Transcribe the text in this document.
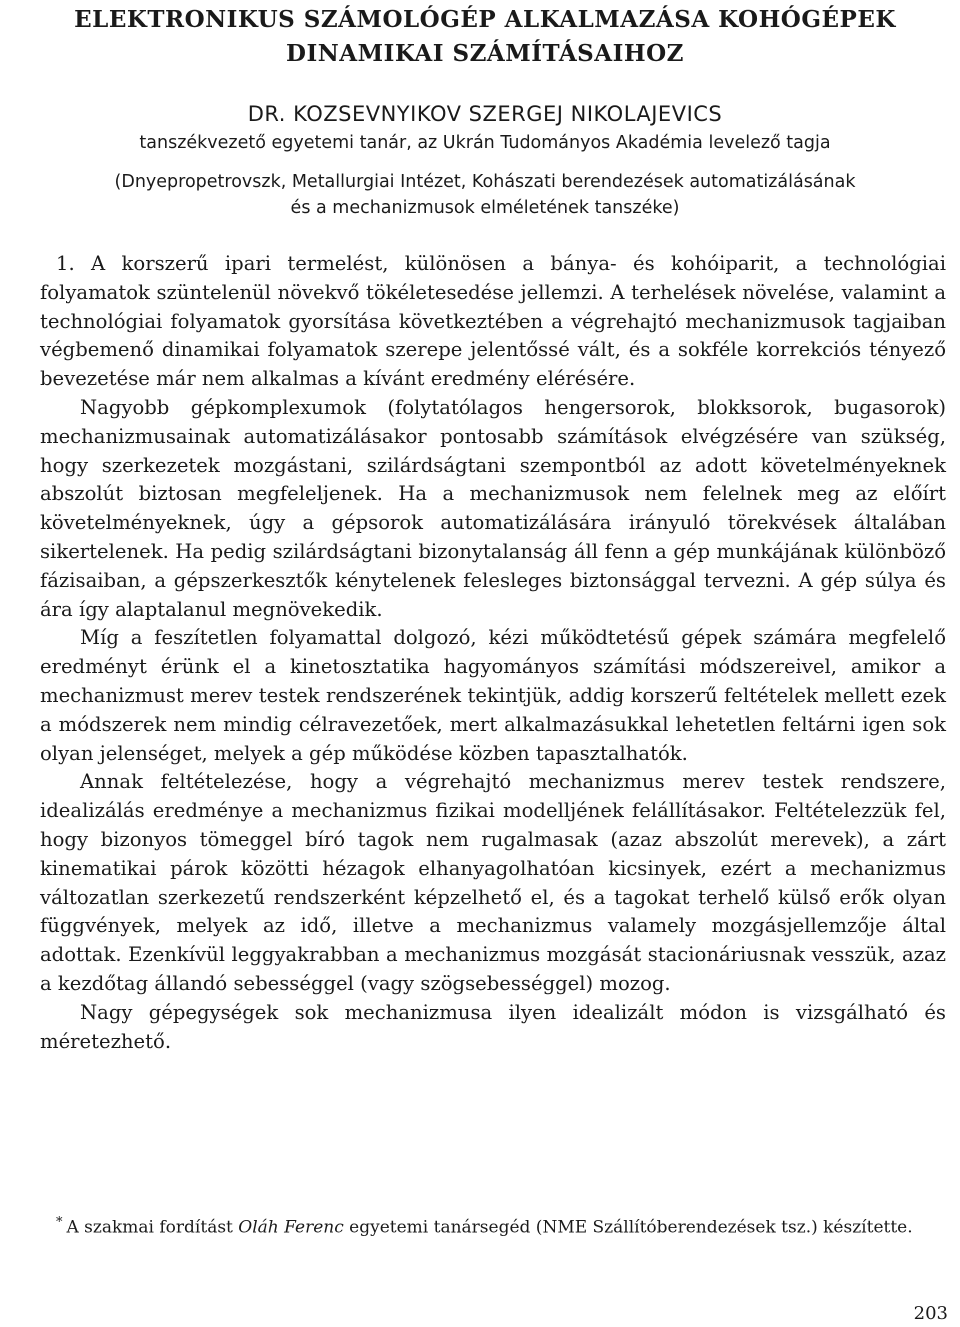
ELEKTRONIKUS SZÁMOLÓGÉP ALKALMAZÁSA KOHÓGÉPEK
DINAMIKAI SZÁMÍTÁSAIHOZ
DR. KOZSEVNYIKOV SZERGEJ NIKOLAJEVICS
tanszékvezető egyetemi tanár, az Ukrán Tudományos Akadémia levelező tagja
(Dnyepropetrovszk, Metallurgiai Intézet, Kohászati berendezések automatizálásának
és a mechanizmusok elméletének tanszéke)

1. A korszerű ipari termelést, különösen a bánya- és kohóiparit, a technológiai folyamatok szüntelenül növekvő tökéletesedése jellemzi. A terhelések növelése, valamint a technológiai folyamatok gyorsítása következtében a végrehajtó mechanizmusok tagjaiban végbemenő dinamikai folyamatok szerepe jelentőssé vált, és a sokféle korrekciós tényező bevezetése már nem alkalmas a kívánt eredmény elérésére.

Nagyobb gépkomplexumok (folytatólagos hengersorok, blokksorok, bugasorok) mechanizmusainak automatizálásakor pontosabb számítások elvégzésére van szükség, hogy szerkezetek mozgástani, szilárdságtani szempontból az adott követelményeknek abszolút biztosan megfeleljenek. Ha a mechanizmusok nem felelnek meg az előírt követelményeknek, úgy a gépsorok automatizálására irányuló törekvések általában sikertelenek. Ha pedig szilárdságtani bizonytalanság áll fenn a gép munkájának különböző fázisaiban, a gépszerkesztők kénytelenek felesleges biztonsággal tervezni. A gép súlya és ára így alaptalanul megnövekedik.

Míg a feszítetlen folyamattal dolgozó, kézi működtetésű gépek számára megfelelő eredményt érünk el a kinetosztatika hagyományos számítási módszereivel, amikor a mechanizmust merev testek rendszerének tekintjük, addig korszerű feltételek mellett ezek a módszerek nem mindig célravezetőek, mert alkalmazásukkal lehetetlen feltárni igen sok olyan jelenséget, melyek a gép működése közben tapasztalhatók.

Annak feltételezése, hogy a végrehajtó mechanizmus merev testek rendszere, idealizálás eredménye a mechanizmus fizikai modelljének felállításakor. Feltételezzük fel, hogy bizonyos tömeggel bíró tagok nem rugalmasak (azaz abszolút merevek), a zárt kinematikai párok közötti hézagok elhanyagolhatóan kicsinyek, ezért a mechanizmus változatlan szerkezetű rendszerként képzelhető el, és a tagokat terhelő külső erők olyan függvények, melyek az idő, illetve a mechanizmus valamely mozgásjellemzője által adottak. Ezenkívül leggyakrabban a mechanizmus mozgását stacionáriusnak vesszük, azaz a kezdőtag állandó sebességgel (vagy szögsebességgel) mozog.

Nagy gépegységek sok mechanizmusa ilyen idealizált módon is vizsgálható és méretezhető.

* A szakmai fordítást Oláh Ferenc egyetemi tanársegéd (NME Szállítóberendezések tsz.) készítette.

203
